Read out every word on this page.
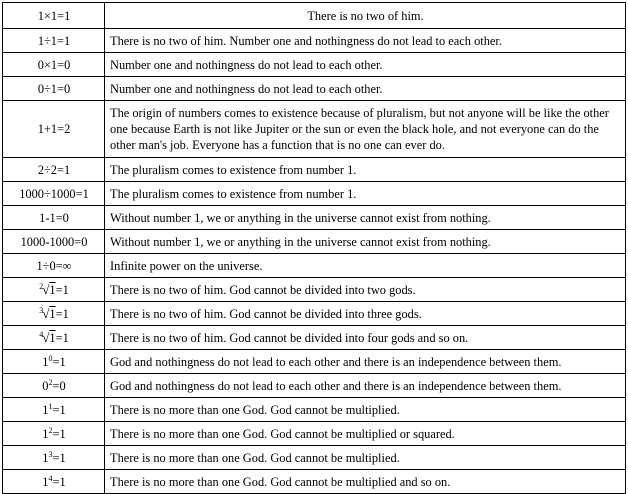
1×1=1	There is no two of him.
1÷1=1	There is no two of him. Number one and nothingness do not lead to each other.
0×1=0	Number one and nothingness do not lead to each other.
0÷1=0	Number one and nothingness do not lead to each other.
1+1=2	The origin of numbers comes to existence because of pluralism, but not anyone will be like the other one because Earth is not like Jupiter or the sun or even the black hole, and not everyone can do the other man's job. Everyone has a function that is no one can ever do.
2÷2=1	The pluralism comes to existence from number 1.
1000÷1000=1	The pluralism comes to existence from number 1.
1-1=0	Without number 1, we or anything in the universe cannot exist from nothing.
1000-1000=0	Without number 1, we or anything in the universe cannot exist from nothing.
1÷0=∞	Infinite power on the universe.
$^2$√1=1	There is no two of him. God cannot be divided into two gods.
$^3$√1=1	There is no two of him. God cannot be divided into three gods.
$^4$√1=1	There is no two of him. God cannot be divided into four gods and so on.
$1^0=1$	God and nothingness do not lead to each other and there is an independence between them.
$0^2=0$	God and nothingness do not lead to each other and there is an independence between them.
$1^1=1$	There is no more than one God. God cannot be multiplied.
$1^2=1$	There is no more than one God. God cannot be multiplied or squared.
$1^3=1$	There is no more than one God. God cannot be multiplied.
$1^4=1$	There is no more than one God. God cannot be multiplied and so on.
